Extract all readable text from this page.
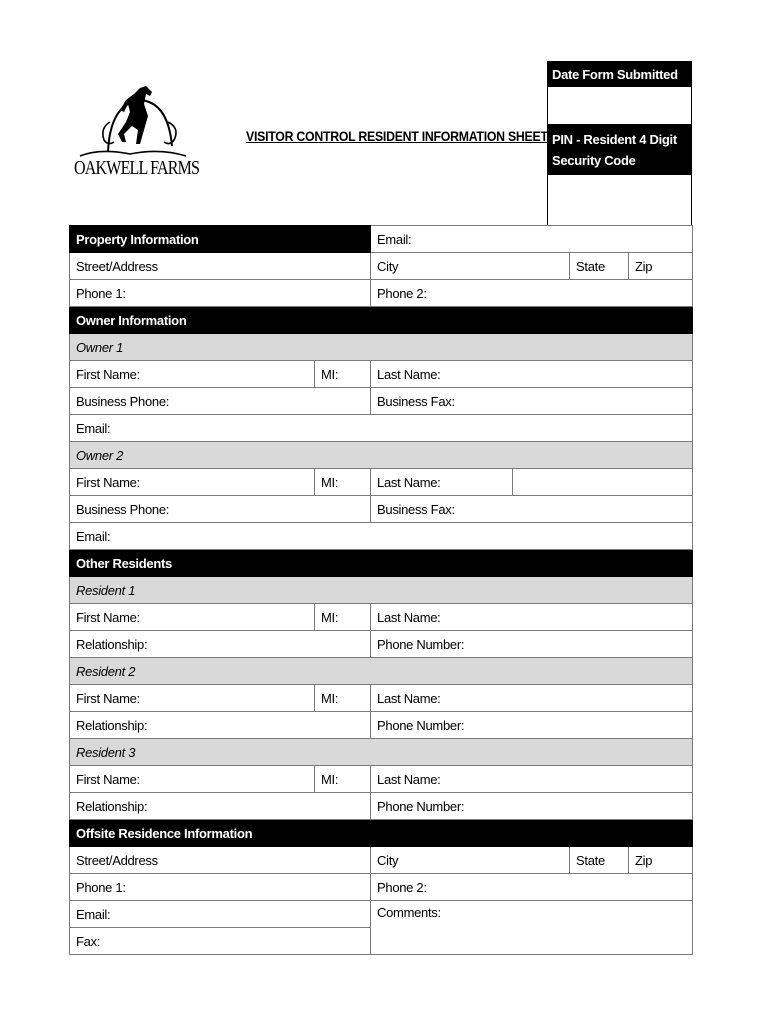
OAKWELL FARMS
VISITOR CONTROL RESIDENT INFORMATION SHEET
Date Form Submitted
PIN - Resident 4 Digit
Security Code
Property Information		Email:			
Street/Address		City		State	Zip
Phone 1:		Phone 2:			
Owner Information					
Owner 1					
First Name:	MI:	Last Name:			
Business Phone:		Business Fax:			
Email:					
Owner 2					
First Name:	MI:	Last Name:			
Business Phone:		Business Fax:			
Email:					
Other Residents					
Resident 1					
First Name:	MI:	Last Name:			
Relationship:		Phone Number:			
Resident 2					
First Name:	MI:	Last Name:			
Relationship:		Phone Number:			
Resident 3					
First Name:	MI:	Last Name:			
Relationship:		Phone Number:			
Offsite Residence Information					
Street/Address		City		State	Zip
Phone 1:		Phone 2:			
Email:		Comments:			
Fax:					
